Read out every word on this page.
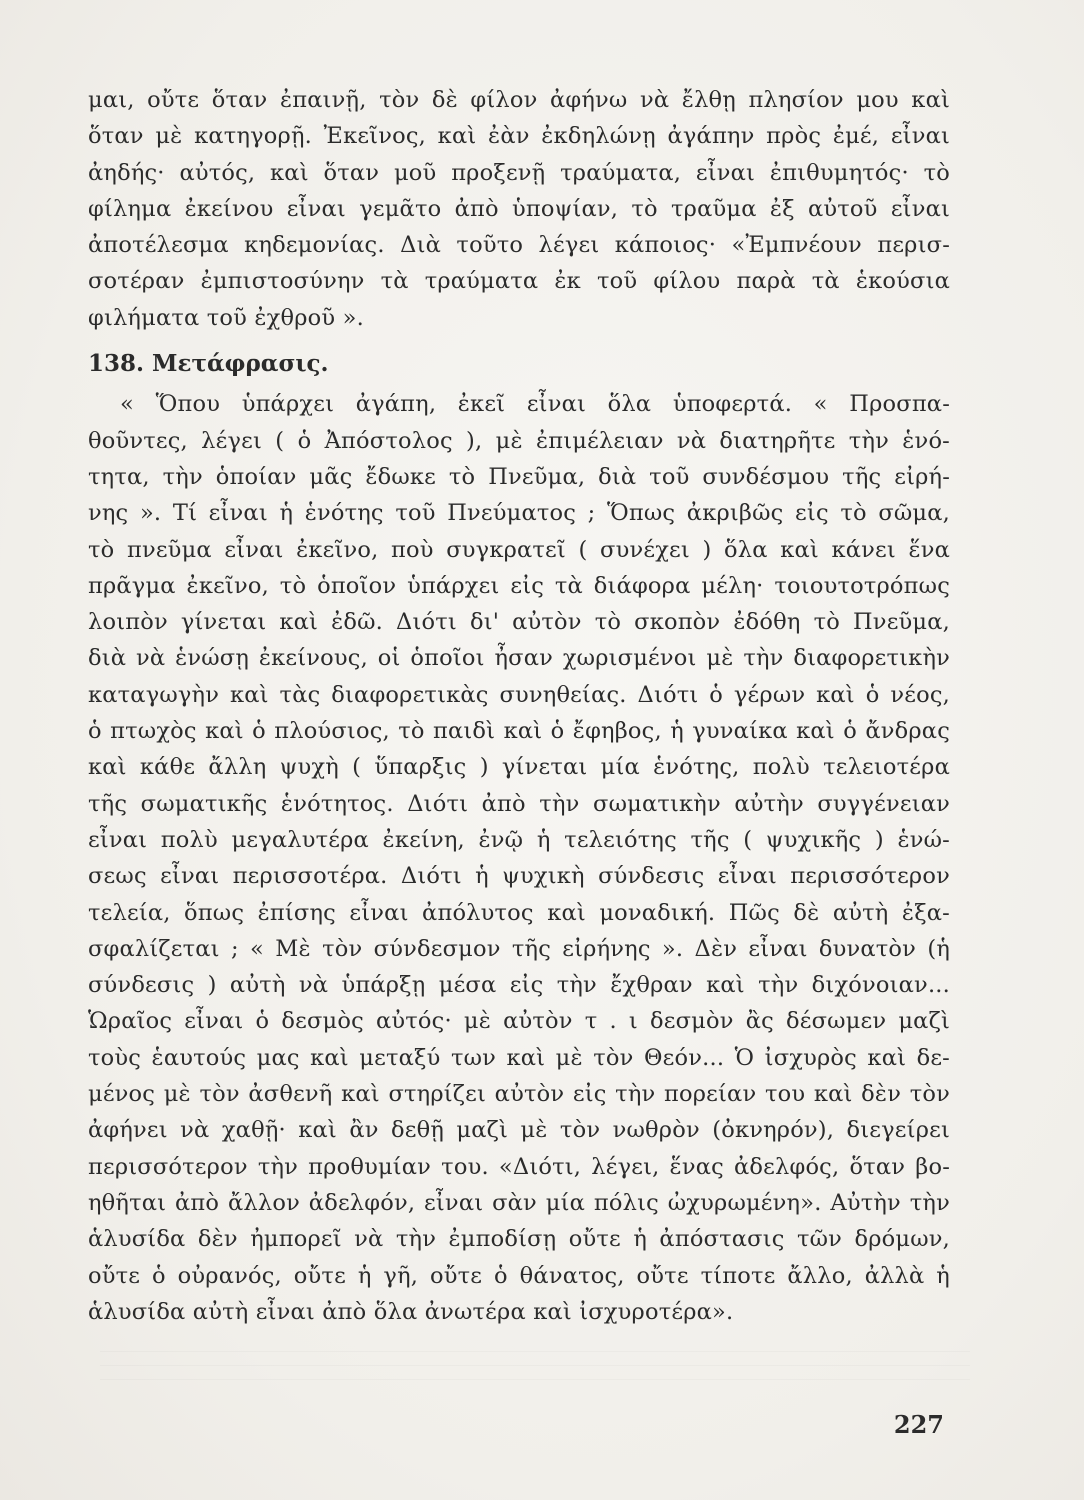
μαι, οὔτε ὅταν ἐπαινῇ, τὸν δὲ φίλον ἀφήνω νὰ ἔλθῃ πλησίον μου καὶ
ὅταν μὲ κατηγορῇ. Ἐκεῖνος, καὶ ἐὰν ἐκδηλώνῃ ἀγάπην πρὸς ἐμέ, εἶναι
ἀηδής· αὐτός, καὶ ὅταν μοῦ προξενῇ τραύματα, εἶναι ἐπιθυμητός· τὸ
φίλημα ἐκείνου εἶναι γεμᾶτο ἀπὸ ὑποψίαν, τὸ τραῦμα ἐξ αὐτοῦ εἶναι
ἀποτέλεσμα κηδεμονίας. Διὰ τοῦτο λέγει κάποιος· «Ἐμπνέουν περισ-
σοτέραν ἐμπιστοσύνην τὰ τραύματα ἐκ τοῦ φίλου παρὰ τὰ ἑκούσια
φιλήματα τοῦ ἐχθροῦ ».
138. Μετάφρασις.
« Ὅπου ὑπάρχει ἀγάπη, ἐκεῖ εἶναι ὅλα ὑποφερτά. « Προσπα-
θοῦντες, λέγει ( ὁ Ἀπόστολος ), μὲ ἐπιμέλειαν νὰ διατηρῆτε τὴν ἑνό-
τητα, τὴν ὁποίαν μᾶς ἔδωκε τὸ Πνεῦμα, διὰ τοῦ συνδέσμου τῆς εἰρή-
νης ». Τί εἶναι ἡ ἑνότης τοῦ Πνεύματος ; Ὅπως ἀκριβῶς εἰς τὸ σῶμα,
τὸ πνεῦμα εἶναι ἐκεῖνο, ποὺ συγκρατεῖ ( συνέχει ) ὅλα καὶ κάνει ἕνα
πρᾶγμα ἐκεῖνο, τὸ ὁποῖον ὑπάρχει εἰς τὰ διάφορα μέλη· τοιουτοτρόπως
λοιπὸν γίνεται καὶ ἐδῶ. Διότι δι' αὐτὸν τὸ σκοπὸν ἐδόθη τὸ Πνεῦμα,
διὰ νὰ ἑνώσῃ ἐκείνους, οἱ ὁποῖοι ἦσαν χωρισμένοι μὲ τὴν διαφορετικὴν
καταγωγὴν καὶ τὰς διαφορετικὰς συνηθείας. Διότι ὁ γέρων καὶ ὁ νέος,
ὁ πτωχὸς καὶ ὁ πλούσιος, τὸ παιδὶ καὶ ὁ ἔφηβος, ἡ γυναίκα καὶ ὁ ἄνδρας
καὶ κάθε ἄλλη ψυχὴ ( ὕπαρξις ) γίνεται μία ἑνότης, πολὺ τελειοτέρα
τῆς σωματικῆς ἑνότητος. Διότι ἀπὸ τὴν σωματικὴν αὐτὴν συγγένειαν
εἶναι πολὺ μεγαλυτέρα ἐκείνη, ἐνῷ ἡ τελειότης τῆς ( ψυχικῆς ) ἑνώ-
σεως εἶναι περισσοτέρα. Διότι ἡ ψυχικὴ σύνδεσις εἶναι περισσότερον
τελεία, ὅπως ἐπίσης εἶναι ἀπόλυτος καὶ μοναδική. Πῶς δὲ αὐτὴ ἐξα-
σφαλίζεται ; « Μὲ τὸν σύνδεσμον τῆς εἰρήνης ». Δὲν εἶναι δυνατὸν (ἡ
σύνδεσις ) αὐτὴ νὰ ὑπάρξῃ μέσα εἰς τὴν ἔχθραν καὶ τὴν διχόνοιαν...
Ὡραῖος εἶναι ὁ δεσμὸς αὐτός· μὲ αὐτὸν τ . ι δεσμὸν ἂς δέσωμεν μαζὶ
τοὺς ἑαυτούς μας καὶ μεταξύ των καὶ μὲ τὸν Θεόν... Ὁ ἰσχυρὸς καὶ δε-
μένος μὲ τὸν ἀσθενῆ καὶ στηρίζει αὐτὸν εἰς τὴν πορείαν του καὶ δὲν τὸν
ἀφήνει νὰ χαθῇ· καὶ ἂν δεθῇ μαζὶ μὲ τὸν νωθρὸν (ὀκνηρόν), διεγείρει
περισσότερον τὴν προθυμίαν του. «Διότι, λέγει, ἕνας ἀδελφός, ὅταν βο-
ηθῆται ἀπὸ ἄλλον ἀδελφόν, εἶναι σὰν μία πόλις ὠχυρωμένη». Αὐτὴν τὴν
ἁλυσίδα δὲν ἠμπορεῖ νὰ τὴν ἐμποδίσῃ οὔτε ἡ ἀπόστασις τῶν δρόμων,
οὔτε ὁ οὐρανός, οὔτε ἡ γῆ, οὔτε ὁ θάνατος, οὔτε τίποτε ἄλλο, ἀλλὰ ἡ
ἁλυσίδα αὐτὴ εἶναι ἀπὸ ὅλα ἀνωτέρα καὶ ἰσχυροτέρα».
227
